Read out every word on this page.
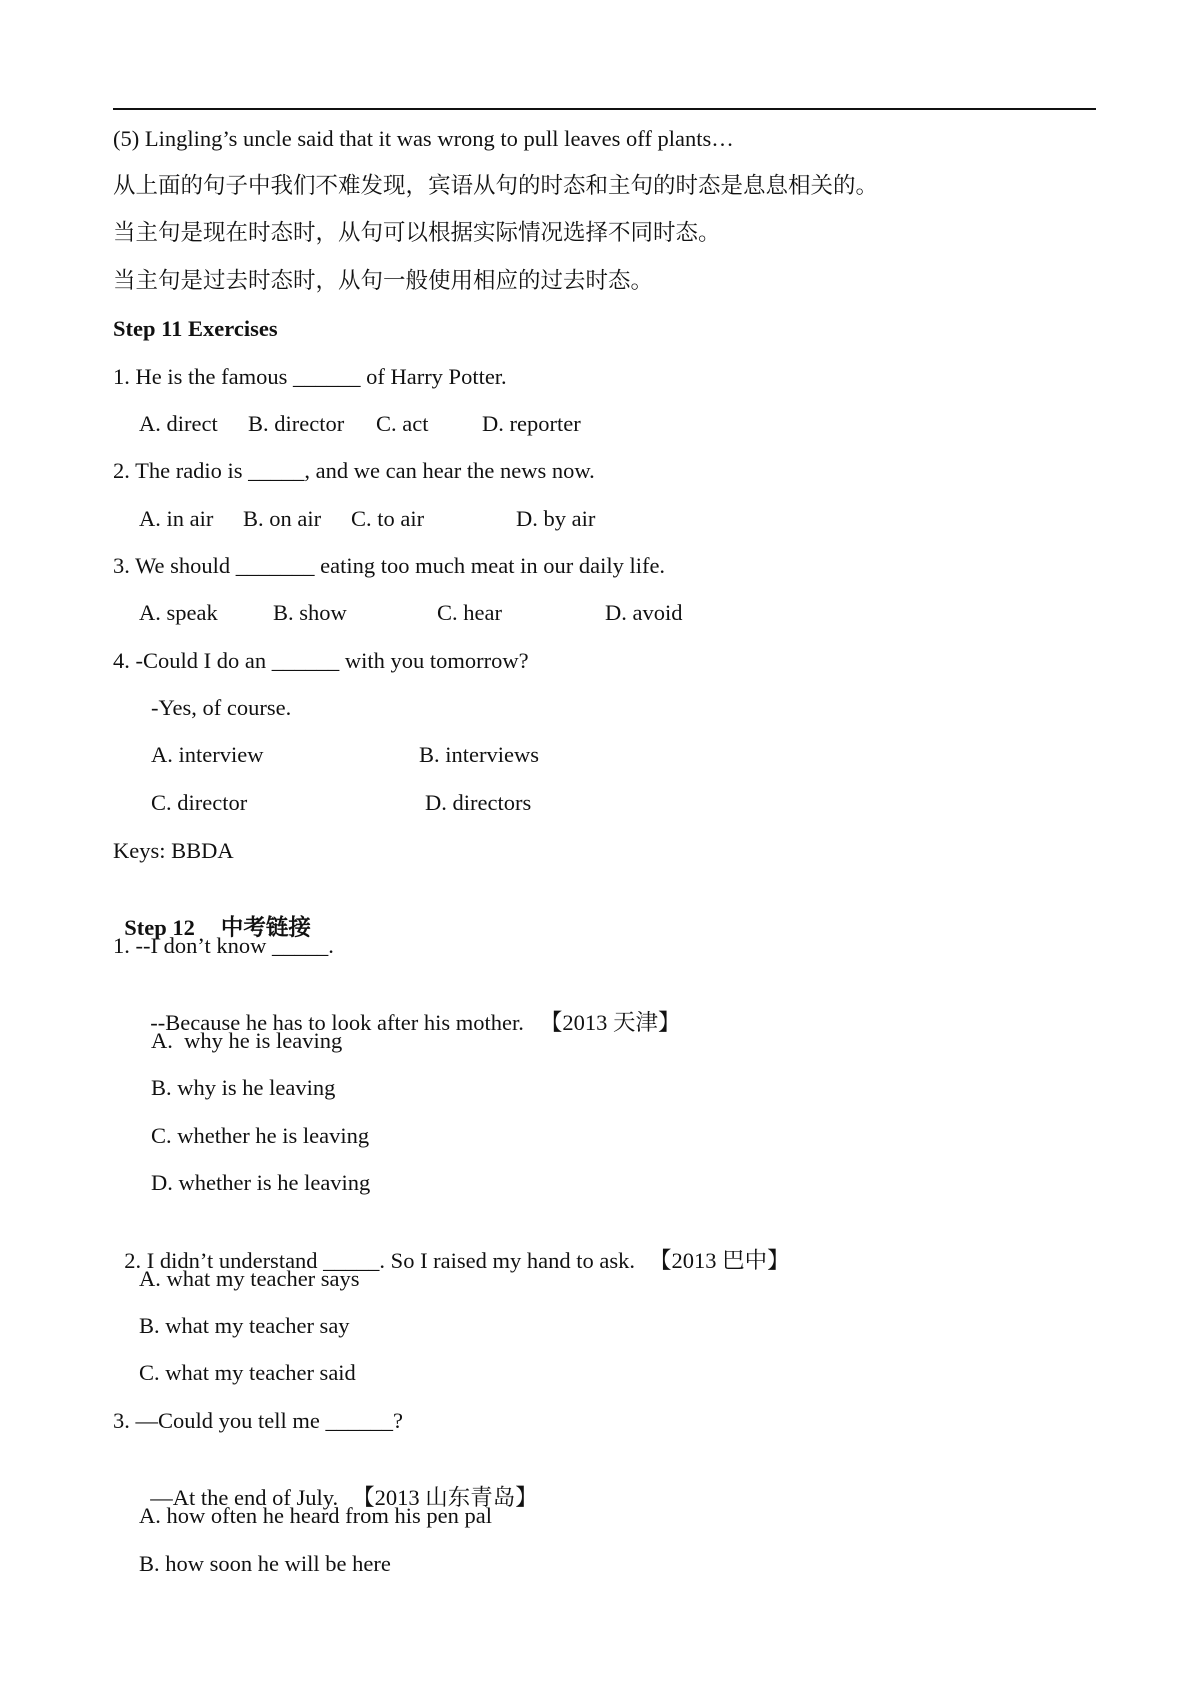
(5) Lingling’s uncle said that it was wrong to pull leaves off plants…
从上面的句子中我们不难发现，宾语从句的时态和主句的时态是息息相关的。
当主句是现在时态时，从句可以根据实际情况选择不同时态。
当主句是过去时态时，从句一般使用相应的过去时态。
Step 11 Exercises
1. He is the famous ______ of Harry Potter.
A. direct B. director C. act D. reporter
2. The radio is _____, and we can hear the news now.
A. in air B. on air C. to air	D. by air
3. We should _______ eating too much meat in our daily life.
A. speak B. show	C. hear	D. avoid
4. -Could I do an ______ with you tomorrow?
-Yes, of course.
A. interview	B. interviews
C. director	D. directors
Keys: BBDA

Step 12 中考链接

1. --I don’t know _____.

--Because he has to look after his mother. 【2013 天津】

A.  why he is leaving
B. why is he leaving
C. whether he is leaving
D. whether is he leaving

2. I didn’t understand _____. So I raised my hand to ask. 【2013 巴中】

A. what my teacher says
B. what my teacher say
C. what my teacher said
3. —Could you tell me ______?

—At the end of July. 【2013 山东青岛】

A. how often he heard from his pen pal
B. how soon he will be here
